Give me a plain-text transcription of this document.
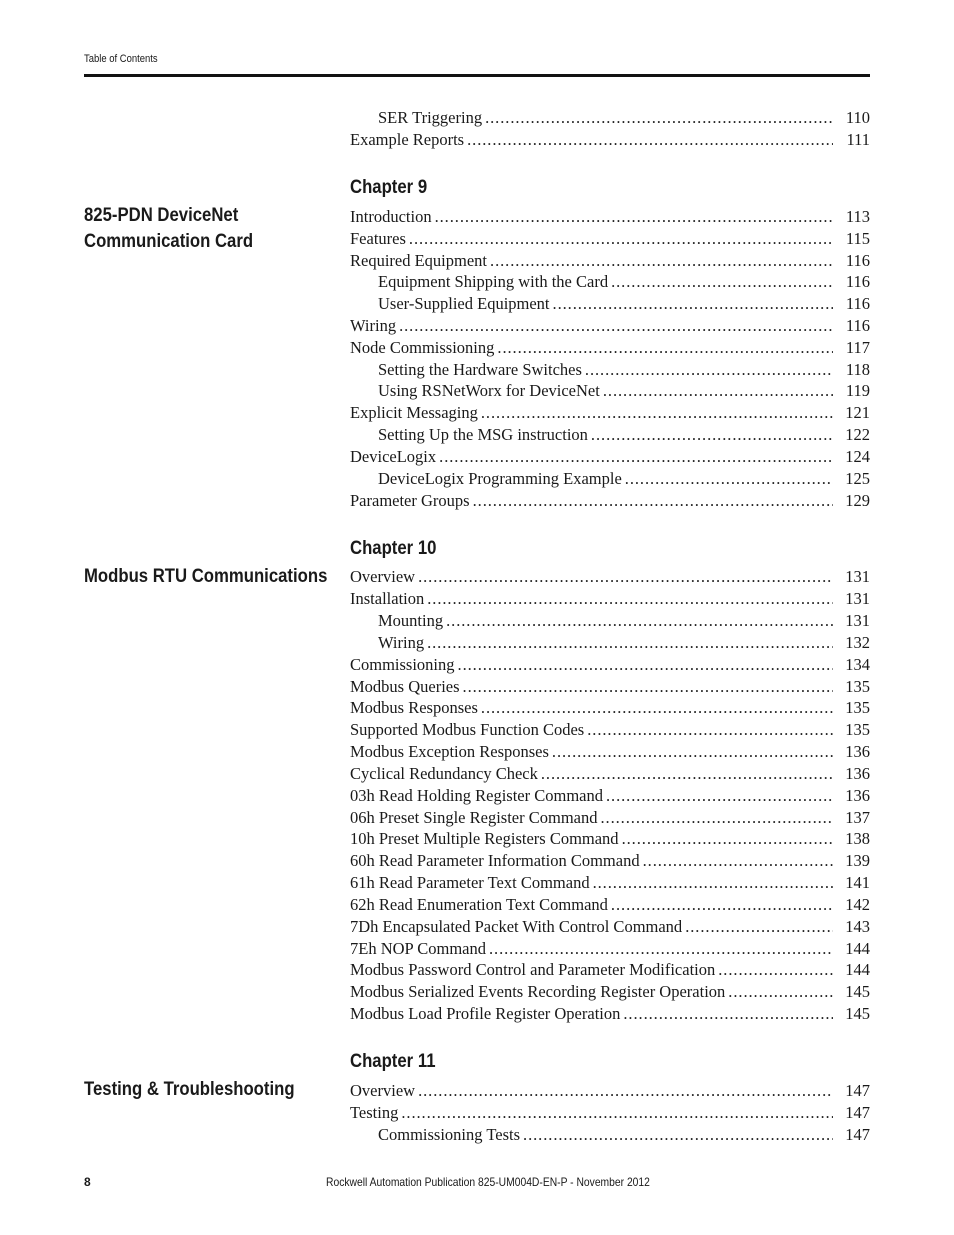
Table of Contents
SER Triggering . . .	110
Example Reports . . .	111
Chapter 9
825-PDN DeviceNet Communication Card
Introduction . . .	113
Features . . .	115
Required Equipment . . .	116
Equipment Shipping with the Card . . .	116
User-Supplied Equipment . . .	116
Wiring . . .	116
Node Commissioning . . .	117
Setting the Hardware Switches . . .	118
Using RSNetWorx for DeviceNet . . .	119
Explicit Messaging . . .	121
Setting Up the MSG instruction . . .	122
DeviceLogix . . .	124
DeviceLogix Programming Example . . .	125
Parameter Groups . . .	129
Chapter 10
Modbus RTU Communications	Overview . . .	131
Installation . . .	131
Mounting . . .	131
Wiring . . .	132
Commissioning . . .	134
Modbus Queries . . .	135
Modbus Responses . . .	135
Supported Modbus Function Codes . . .	135
Modbus Exception Responses . . .	136
Cyclical Redundancy Check . . .	136
03h Read Holding Register Command . . .	136
06h Preset Single Register Command . . .	137
10h Preset Multiple Registers Command . . .	138
60h Read Parameter Information Command . . .	139
61h Read Parameter Text Command . . .	141
62h Read Enumeration Text Command . . .	142
7Dh Encapsulated Packet With Control Command . . .	143
7Eh NOP Command . . .	144
Modbus Password Control and Parameter Modification . . .	144
Modbus Serialized Events Recording Register Operation . . .	145
Modbus Load Profile Register Operation . . .	145
Chapter 11
Testing & Troubleshooting	Overview . . .	147
Testing . . .	147
Commissioning Tests . . .	147
8	Rockwell Automation Publication 825-UM004D-EN-P - November 2012
